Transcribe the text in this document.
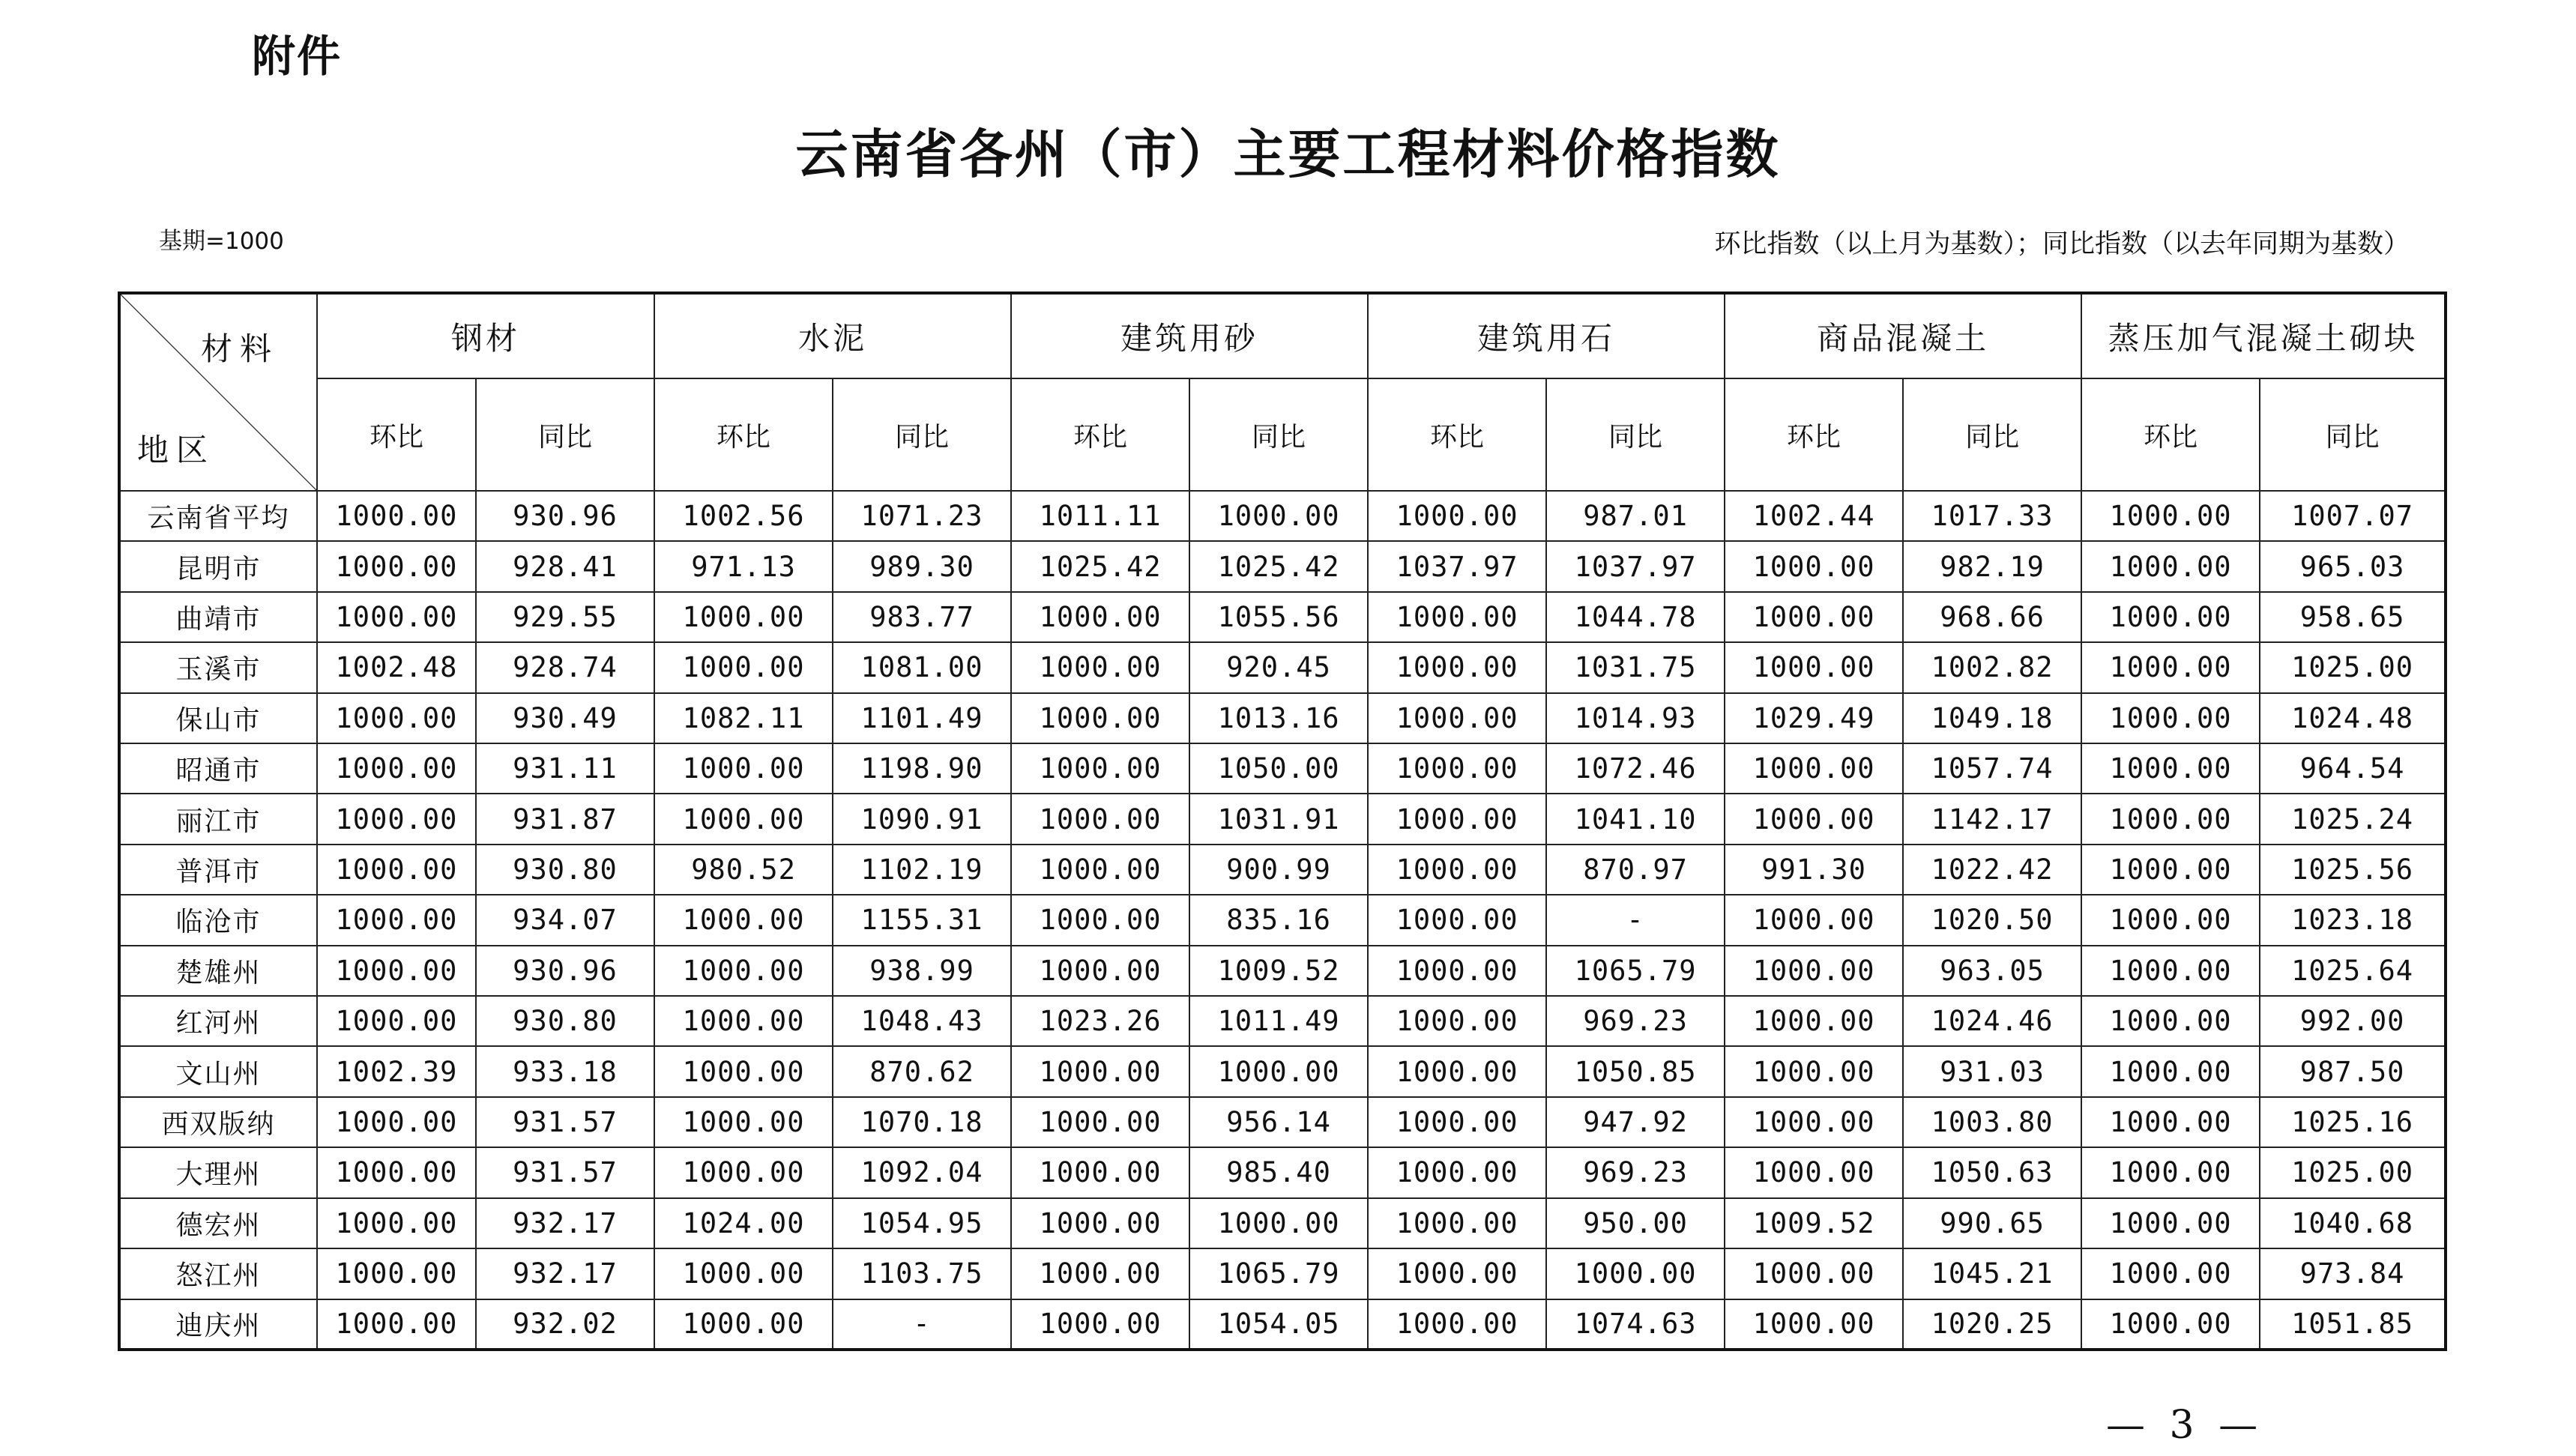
附件
云南省各州（市）主要工程材料价格指数
基期=1000	环比指数（以上月为基数）；同比指数（以去年同期为基数）
材料
地区	钢材		水泥		建筑用砂		建筑用石		商品混凝土		蒸压加气混凝土砌块	
	环比	同比	环比	同比	环比	同比	环比	同比	环比	同比	环比	同比
云南省平均	1000.00	930.96	1002.56	1071.23	1011.11	1000.00	1000.00	987.01	1002.44	1017.33	1000.00	1007.07
昆明市	1000.00	928.41	971.13	989.30	1025.42	1025.42	1037.97	1037.97	1000.00	982.19	1000.00	965.03
曲靖市	1000.00	929.55	1000.00	983.77	1000.00	1055.56	1000.00	1044.78	1000.00	968.66	1000.00	958.65
玉溪市	1002.48	928.74	1000.00	1081.00	1000.00	920.45	1000.00	1031.75	1000.00	1002.82	1000.00	1025.00
保山市	1000.00	930.49	1082.11	1101.49	1000.00	1013.16	1000.00	1014.93	1029.49	1049.18	1000.00	1024.48
昭通市	1000.00	931.11	1000.00	1198.90	1000.00	1050.00	1000.00	1072.46	1000.00	1057.74	1000.00	964.54
丽江市	1000.00	931.87	1000.00	1090.91	1000.00	1031.91	1000.00	1041.10	1000.00	1142.17	1000.00	1025.24
普洱市	1000.00	930.80	980.52	1102.19	1000.00	900.99	1000.00	870.97	991.30	1022.42	1000.00	1025.56
临沧市	1000.00	934.07	1000.00	1155.31	1000.00	835.16	1000.00	-	1000.00	1020.50	1000.00	1023.18
楚雄州	1000.00	930.96	1000.00	938.99	1000.00	1009.52	1000.00	1065.79	1000.00	963.05	1000.00	1025.64
红河州	1000.00	930.80	1000.00	1048.43	1023.26	1011.49	1000.00	969.23	1000.00	1024.46	1000.00	992.00
文山州	1002.39	933.18	1000.00	870.62	1000.00	1000.00	1000.00	1050.85	1000.00	931.03	1000.00	987.50
西双版纳	1000.00	931.57	1000.00	1070.18	1000.00	956.14	1000.00	947.92	1000.00	1003.80	1000.00	1025.16
大理州	1000.00	931.57	1000.00	1092.04	1000.00	985.40	1000.00	969.23	1000.00	1050.63	1000.00	1025.00
德宏州	1000.00	932.17	1024.00	1054.95	1000.00	1000.00	1000.00	950.00	1009.52	990.65	1000.00	1040.68
怒江州	1000.00	932.17	1000.00	1103.75	1000.00	1065.79	1000.00	1000.00	1000.00	1045.21	1000.00	973.84
迪庆州	1000.00	932.02	1000.00	-	1000.00	1054.05	1000.00	1074.63	1000.00	1020.25	1000.00	1051.85
— 3 —
